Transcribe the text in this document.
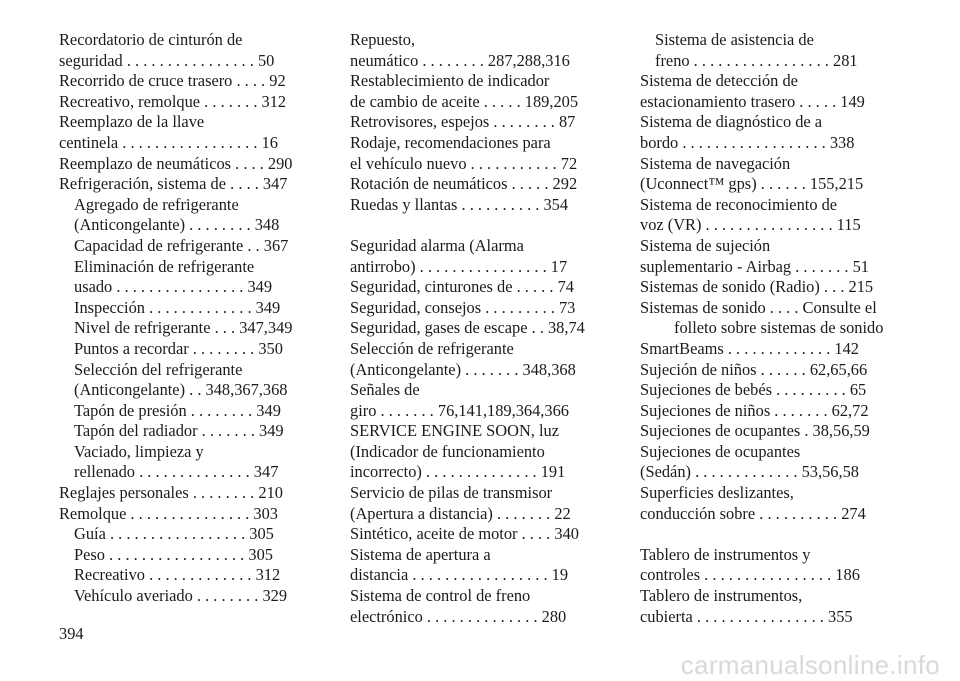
Recordatorio de cinturón de
seguridad . . . . . . . . . . . . . . . . 50
Recorrido de cruce trasero . . . . 92
Recreativo, remolque . . . . . . . 312
Reemplazo de la llave
centinela . . . . . . . . . . . . . . . . . 16
Reemplazo de neumáticos . . . . 290
Refrigeración, sistema de . . . . 347
Agregado de refrigerante
(Anticongelante) . . . . . . . . 348
Capacidad de refrigerante . . 367
Eliminación de refrigerante
usado . . . . . . . . . . . . . . . . 349
Inspección . . . . . . . . . . . . . 349
Nivel de refrigerante . . . 347,349
Puntos a recordar . . . . . . . . 350
Selección del refrigerante
(Anticongelante) . . 348,367,368
Tapón de presión . . . . . . . . 349
Tapón del radiador . . . . . . . 349
Vaciado, limpieza y
rellenado . . . . . . . . . . . . . . 347
Reglajes personales . . . . . . . . 210
Remolque . . . . . . . . . . . . . . . 303
Guía . . . . . . . . . . . . . . . . . 305
Peso . . . . . . . . . . . . . . . . . 305
Recreativo . . . . . . . . . . . . . 312
Vehículo averiado . . . . . . . . 329
Repuesto,
neumático . . . . . . . . 287,288,316
Restablecimiento de indicador
de cambio de aceite . . . . . 189,205
Retrovisores, espejos . . . . . . . . 87
Rodaje, recomendaciones para
el vehículo nuevo . . . . . . . . . . . 72
Rotación de neumáticos . . . . . 292
Ruedas y llantas . . . . . . . . . . 354
Seguridad alarma (Alarma
antirrobo) . . . . . . . . . . . . . . . . 17
Seguridad, cinturones de . . . . . 74
Seguridad, consejos . . . . . . . . . 73
Seguridad, gases de escape . . 38,74
Selección de refrigerante
(Anticongelante) . . . . . . . 348,368
Señales de
giro . . . . . . . 76,141,189,364,366
SERVICE ENGINE SOON, luz
(Indicador de funcionamiento
incorrecto) . . . . . . . . . . . . . . 191
Servicio de pilas de transmisor
(Apertura a distancia) . . . . . . . 22
Sintético, aceite de motor . . . . 340
Sistema de apertura a
distancia . . . . . . . . . . . . . . . . . 19
Sistema de control de freno
electrónico . . . . . . . . . . . . . . 280
Sistema de asistencia de
freno . . . . . . . . . . . . . . . . . 281
Sistema de detección de
estacionamiento trasero . . . . . 149
Sistema de diagnóstico de a
bordo . . . . . . . . . . . . . . . . . . 338
Sistema de navegación
(Uconnect™ gps) . . . . . . 155,215
Sistema de reconocimiento de
voz (VR) . . . . . . . . . . . . . . . . 115
Sistema de sujeción
suplementario - Airbag . . . . . . . 51
Sistemas de sonido (Radio) . . . 215
Sistemas de sonido . . . . Consulte el
folleto sobre sistemas de sonido
SmartBeams . . . . . . . . . . . . . 142
Sujeción de niños . . . . . . 62,65,66
Sujeciones de bebés . . . . . . . . . 65
Sujeciones de niños . . . . . . . 62,72
Sujeciones de ocupantes . 38,56,59
Sujeciones de ocupantes
(Sedán) . . . . . . . . . . . . . 53,56,58
Superficies deslizantes,
conducción sobre . . . . . . . . . . 274
Tablero de instrumentos y
controles . . . . . . . . . . . . . . . . 186
Tablero de instrumentos,
cubierta . . . . . . . . . . . . . . . . 355
394
carmanualsonline.info
